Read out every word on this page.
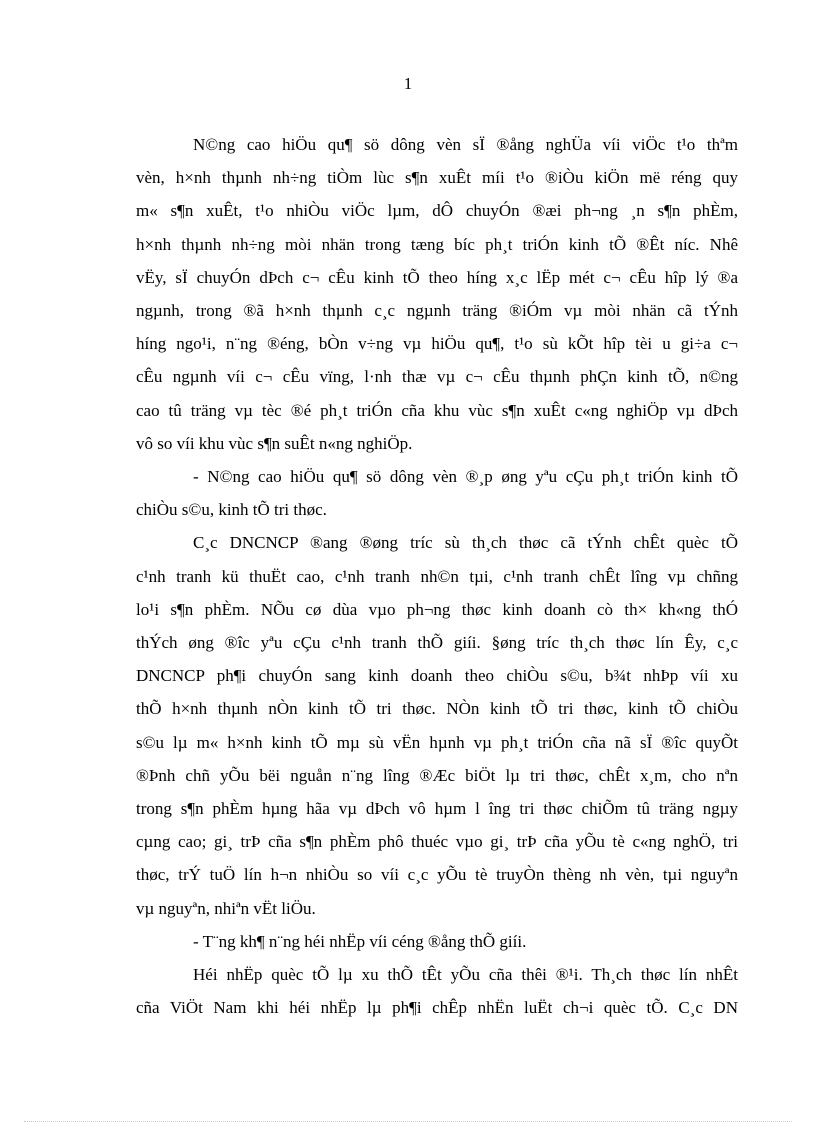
1
N©ng cao hiÖu qu¶ sö dông vèn sÏ ®ång nghÜa víi viÖc t¹o thªm
vèn, h×nh thµnh nh÷ng tiÒm lùc s¶n xuÊt míi t¹o ®iÒu kiÖn më réng quy
m« s¶n xuÊt, t¹o nhiÒu viÖc lµm, dÔ chuyÓn ®æi ph¬ng ¸n s¶n phÈm,
h×nh thµnh nh÷ng mòi nhän trong tæng bíc ph¸t triÓn kinh tÕ ®Êt níc. Nhê
vËy, sÏ chuyÓn dÞch c¬ cÊu kinh tÕ theo híng x¸c lËp mét c¬ cÊu hîp lý ®a
ngµnh, trong ®ã h×nh thµnh c¸c ngµnh träng ®iÓm vµ mòi nhän cã tÝnh
híng ngo¹i, n¨ng ®éng, bÒn v÷ng vµ hiÖu qu¶, t¹o sù kÕt hîp tèi u gi÷a c¬
cÊu ngµnh víi c¬ cÊu vïng, l·nh thæ vµ c¬ cÊu thµnh phÇn kinh tÕ, n©ng
cao tû träng vµ tèc ®é ph¸t triÓn cña khu vùc s¶n xuÊt c«ng nghiÖp vµ dÞch
vô so víi khu vùc s¶n suÊt n«ng nghiÖp.
- N©ng cao hiÖu qu¶ sö dông vèn ®¸p øng yªu cÇu ph¸t triÓn kinh tÕ
chiÒu s©u, kinh tÕ tri thøc.
C¸c DNCNCP ®ang ®øng tríc sù th¸ch thøc cã tÝnh chÊt quèc tÕ
c¹nh tranh kü thuËt cao, c¹nh tranh nh©n tµi, c¹nh tranh chÊt lîng vµ chñng
lo¹i s¶n phÈm. NÕu cø dùa vµo ph¬ng thøc kinh doanh cò th× kh«ng thÓ
thÝch øng ®îc yªu cÇu c¹nh tranh thÕ giíi. §øng tríc th¸ch thøc lín Êy, c¸c
DNCNCP ph¶i chuyÓn sang kinh doanh theo chiÒu s©u, b¾t nhÞp víi xu
thÕ h×nh thµnh nÒn kinh tÕ tri thøc. NÒn kinh tÕ tri thøc, kinh tÕ chiÒu
s©u lµ m« h×nh kinh tÕ mµ sù vËn hµnh vµ ph¸t triÓn cña nã sÏ ®îc quyÕt
®Þnh chñ yÕu bëi nguån n¨ng lîng ®Æc biÖt lµ tri thøc, chÊt x¸m, cho nªn
trong s¶n phÈm hµng hãa vµ dÞch vô hµm l îng tri thøc chiÕm tû träng ngµy
cµng cao; gi¸ trÞ cña s¶n phÈm phô thuéc vµo gi¸ trÞ cña yÕu tè c«ng nghÖ, tri
thøc, trÝ tuÖ lín h¬n nhiÒu so víi c¸c yÕu tè truyÒn thèng nh vèn, tµi nguyªn
vµ nguyªn, nhiªn vËt liÖu.
- T¨ng kh¶ n¨ng héi nhËp víi céng ®ång thÕ giíi.
Héi nhËp quèc tÕ lµ xu thÕ tÊt yÕu cña thêi ®¹i. Th¸ch thøc lín nhÊt
cña ViÖt Nam khi héi nhËp lµ ph¶i chÊp nhËn luËt ch¬i quèc tÕ. C¸c DN
